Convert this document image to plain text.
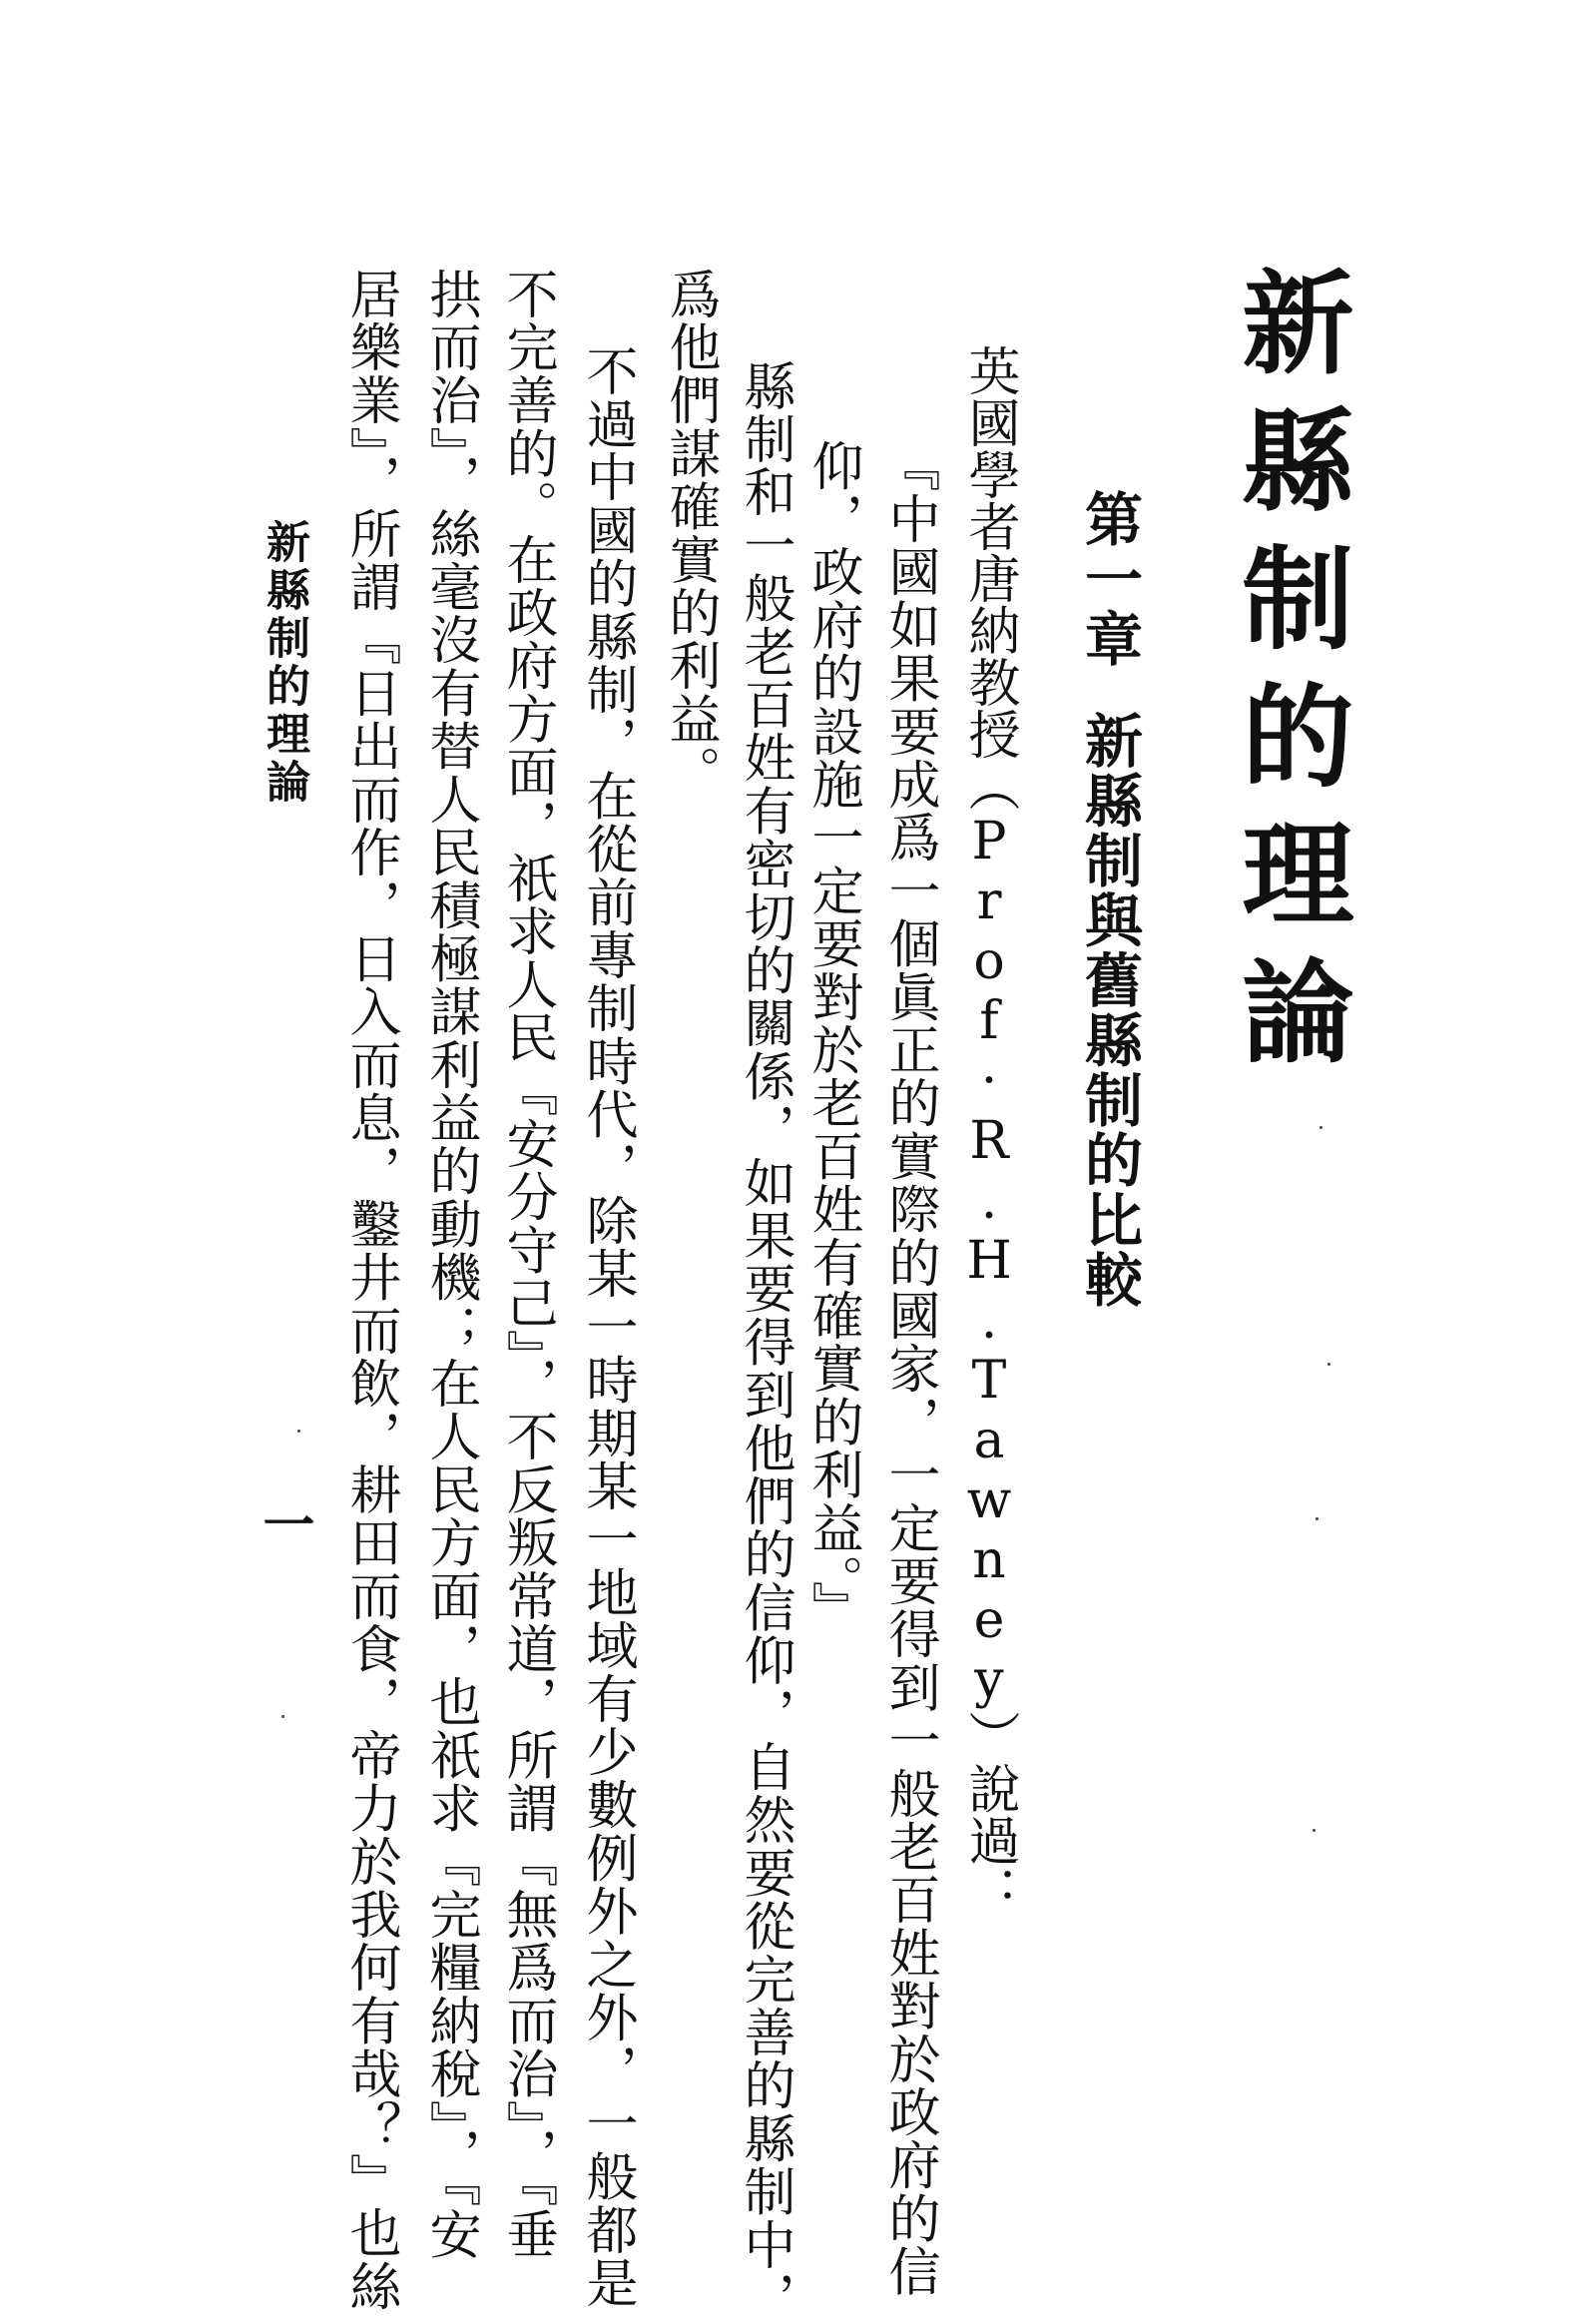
新縣制的理論
第一章新縣制與舊縣制的比較
英國學者唐納教授（Prof·R.H.Tawney）說過：
『中國如果要成爲一個眞正的實際的國家，一定要得到一般老百姓對於政府的信
仰，政府的設施一定要對於老百姓有確實的利益。』
縣制和一般老百姓有密切的關係，如果要得到他們的信仰，自然要從完善的縣制中，
爲他們謀確實的利益。
不過中國的縣制，在從前專制時代，除某一時期某一地域有少數例外之外，一般都是
不完善的。在政府方面，祇求人民『安分守己』，不反叛常道，所謂『無爲而治』，『垂
拱而治』，絲毫沒有替人民積極謀利益的動機；在人民方面，也祇求『完糧納稅』，『安
居樂業』，所謂『日出而作，日入而息，鑿井而飲，耕田而食，帝力於我何有哉？』也絲
新縣制的理論
一
